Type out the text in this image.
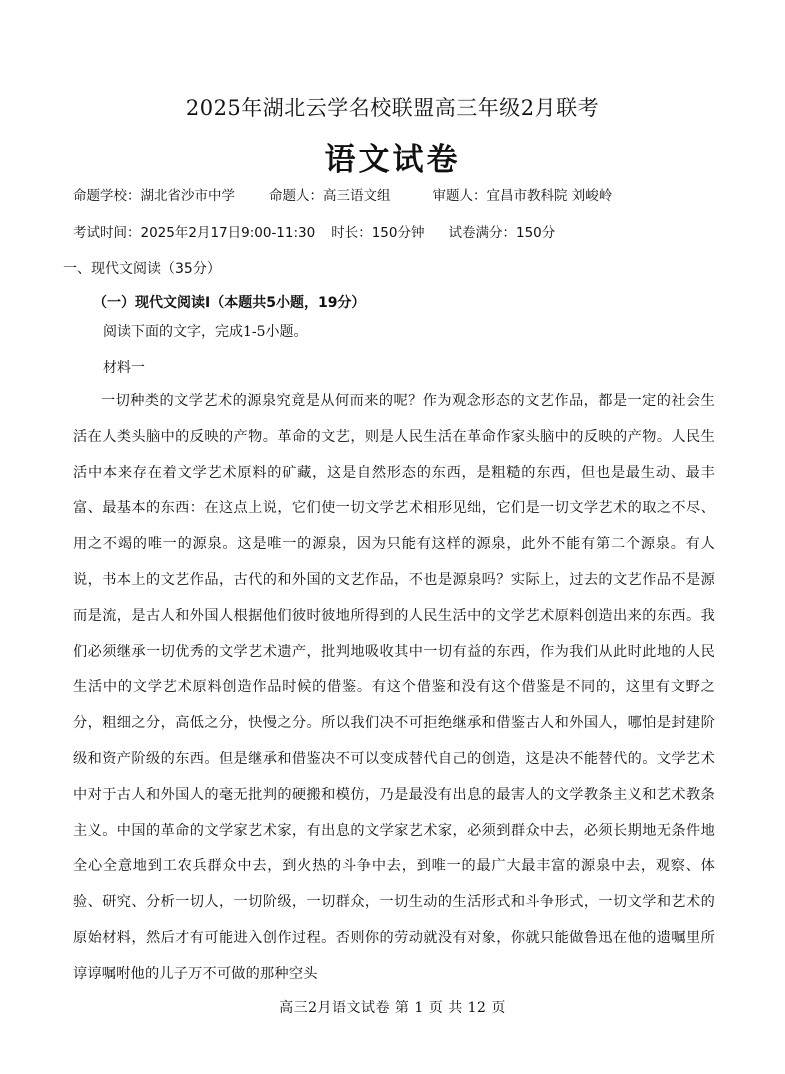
2025年湖北云学名校联盟高三年级2月联考
语文试卷
命题学校：湖北省沙市中学	命题人：高三语文组	审题人：宜昌市教科院 刘峻岭
考试时间：2025年2月17日9:00-11:30 时长：150分钟 试卷满分：150分
一、现代文阅读（35分）
（一）现代文阅读Ⅰ（本题共5小题，19分）
阅读下面的文字，完成1-5小题。
材料一
一切种类的文学艺术的源泉究竟是从何而来的呢？作为观念形态的文艺作品，都是一定的社会生活在人类头脑中的反映的产物。革命的文艺，则是人民生活在革命作家头脑中的反映的产物。人民生活中本来存在着文学艺术原料的矿藏，这是自然形态的东西，是粗糙的东西，但也是最生动、最丰富、最基本的东西：在这点上说，它们使一切文学艺术相形见绌，它们是一切文学艺术的取之不尽、用之不竭的唯一的源泉。这是唯一的源泉，因为只能有这样的源泉，此外不能有第二个源泉。有人说，书本上的文艺作品，古代的和外国的文艺作品，不也是源泉吗？实际上，过去的文艺作品不是源而是流，是古人和外国人根据他们彼时彼地所得到的人民生活中的文学艺术原料创造出来的东西。我们必须继承一切优秀的文学艺术遗产，批判地吸收其中一切有益的东西，作为我们从此时此地的人民生活中的文学艺术原料创造作品时候的借鉴。有这个借鉴和没有这个借鉴是不同的，这里有文野之分，粗细之分，高低之分，快慢之分。所以我们决不可拒绝继承和借鉴古人和外国人，哪怕是封建阶级和资产阶级的东西。但是继承和借鉴决不可以变成替代自己的创造，这是决不能替代的。文学艺术中对于古人和外国人的毫无批判的硬搬和模仿，乃是最没有出息的最害人的文学教条主义和艺术教条主义。中国的革命的文学家艺术家，有出息的文学家艺术家，必须到群众中去，必须长期地无条件地全心全意地到工农兵群众中去，到火热的斗争中去，到唯一的最广大最丰富的源泉中去，观察、体验、研究、分析一切人，一切阶级，一切群众，一切生动的生活形式和斗争形式，一切文学和艺术的原始材料，然后才有可能进入创作过程。否则你的劳动就没有对象，你就只能做鲁迅在他的遗嘱里所谆谆嘱咐他的儿子万不可做的那种空头
高三2月语文试卷 第 1 页 共 12 页
